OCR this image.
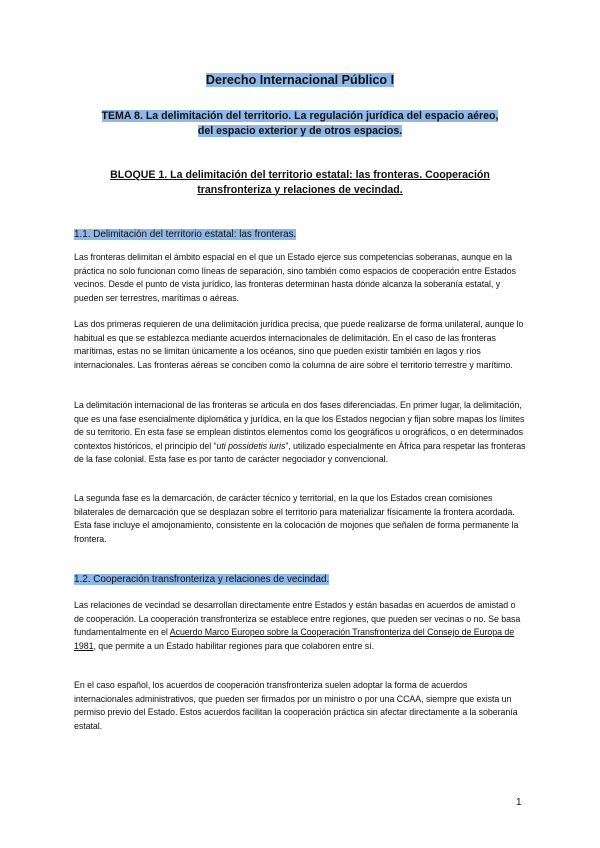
Derecho Internacional Público I
TEMA 8. La delimitación del territorio. La regulación jurídica del espacio aéreo, del espacio exterior y de otros espacios.
BLOQUE 1. La delimitación del territorio estatal: las fronteras. Cooperación transfronteriza y relaciones de vecindad.
1.1. Delimitación del territorio estatal: las fronteras.
Las fronteras delimitan el ámbito espacial en el que un Estado ejerce sus competencias soberanas, aunque en la práctica no solo funcionan como líneas de separación, sino también como espacios de cooperación entre Estados vecinos. Desde el punto de vista jurídico, las fronteras determinan hasta dónde alcanza la soberanía estatal, y pueden ser terrestres, marítimas o aéreas.
Las dos primeras requieren de una delimitación jurídica precisa, que puede realizarse de forma unilateral, aunque lo habitual es que se establezca mediante acuerdos internacionales de delimitación. En el caso de las fronteras marítimas, estas no se limitan únicamente a los océanos, sino que pueden existir también en lagos y ríos internacionales. Las fronteras aéreas se conciben como la columna de aire sobre el territorio terrestre y marítimo.
La delimitación internacional de las fronteras se articula en dos fases diferenciadas. En primer lugar, la delimitación, que es una fase esencialmente diplomática y jurídica, en la que los Estados negocian y fijan sobre mapas los límites de su territorio. En esta fase se emplean distintos elementos como los geográficos u orográficos, o en determinados contextos históricos, el principio del “uti possidetis iuris”, utilizado especialmente en África para respetar las fronteras de la fase colonial. Esta fase es por tanto de carácter negociador y convencional.
La segunda fase es la demarcación, de carácter técnico y territorial, en la que los Estados crean comisiones bilaterales de demarcación que se desplazan sobre el territorio para materializar físicamente la frontera acordada. Esta fase incluye el amojonamiento, consistente en la colocación de mojones que señalen de forma permanente la frontera.
1.2. Cooperación transfronteriza y relaciones de vecindad.
Las relaciones de vecindad se desarrollan directamente entre Estados y están basadas en acuerdos de amistad o de cooperación. La cooperación transfronteriza se establece entre regiones, que pueden ser vecinas o no. Se basa fundamentalmente en el Acuerdo Marco Europeo sobre la Cooperación Transfronteriza del Consejo de Europa de 1981, que permite a un Estado habilitar regiones para que colaboren entre sí.
En el caso español, los acuerdos de cooperación transfronteriza suelen adoptar la forma de acuerdos internacionales administrativos, que pueden ser firmados por un ministro o por una CCAA, siempre que exista un permiso previo del Estado. Estos acuerdos facilitan la cooperación práctica sin afectar directamente a la soberanía estatal.
1
